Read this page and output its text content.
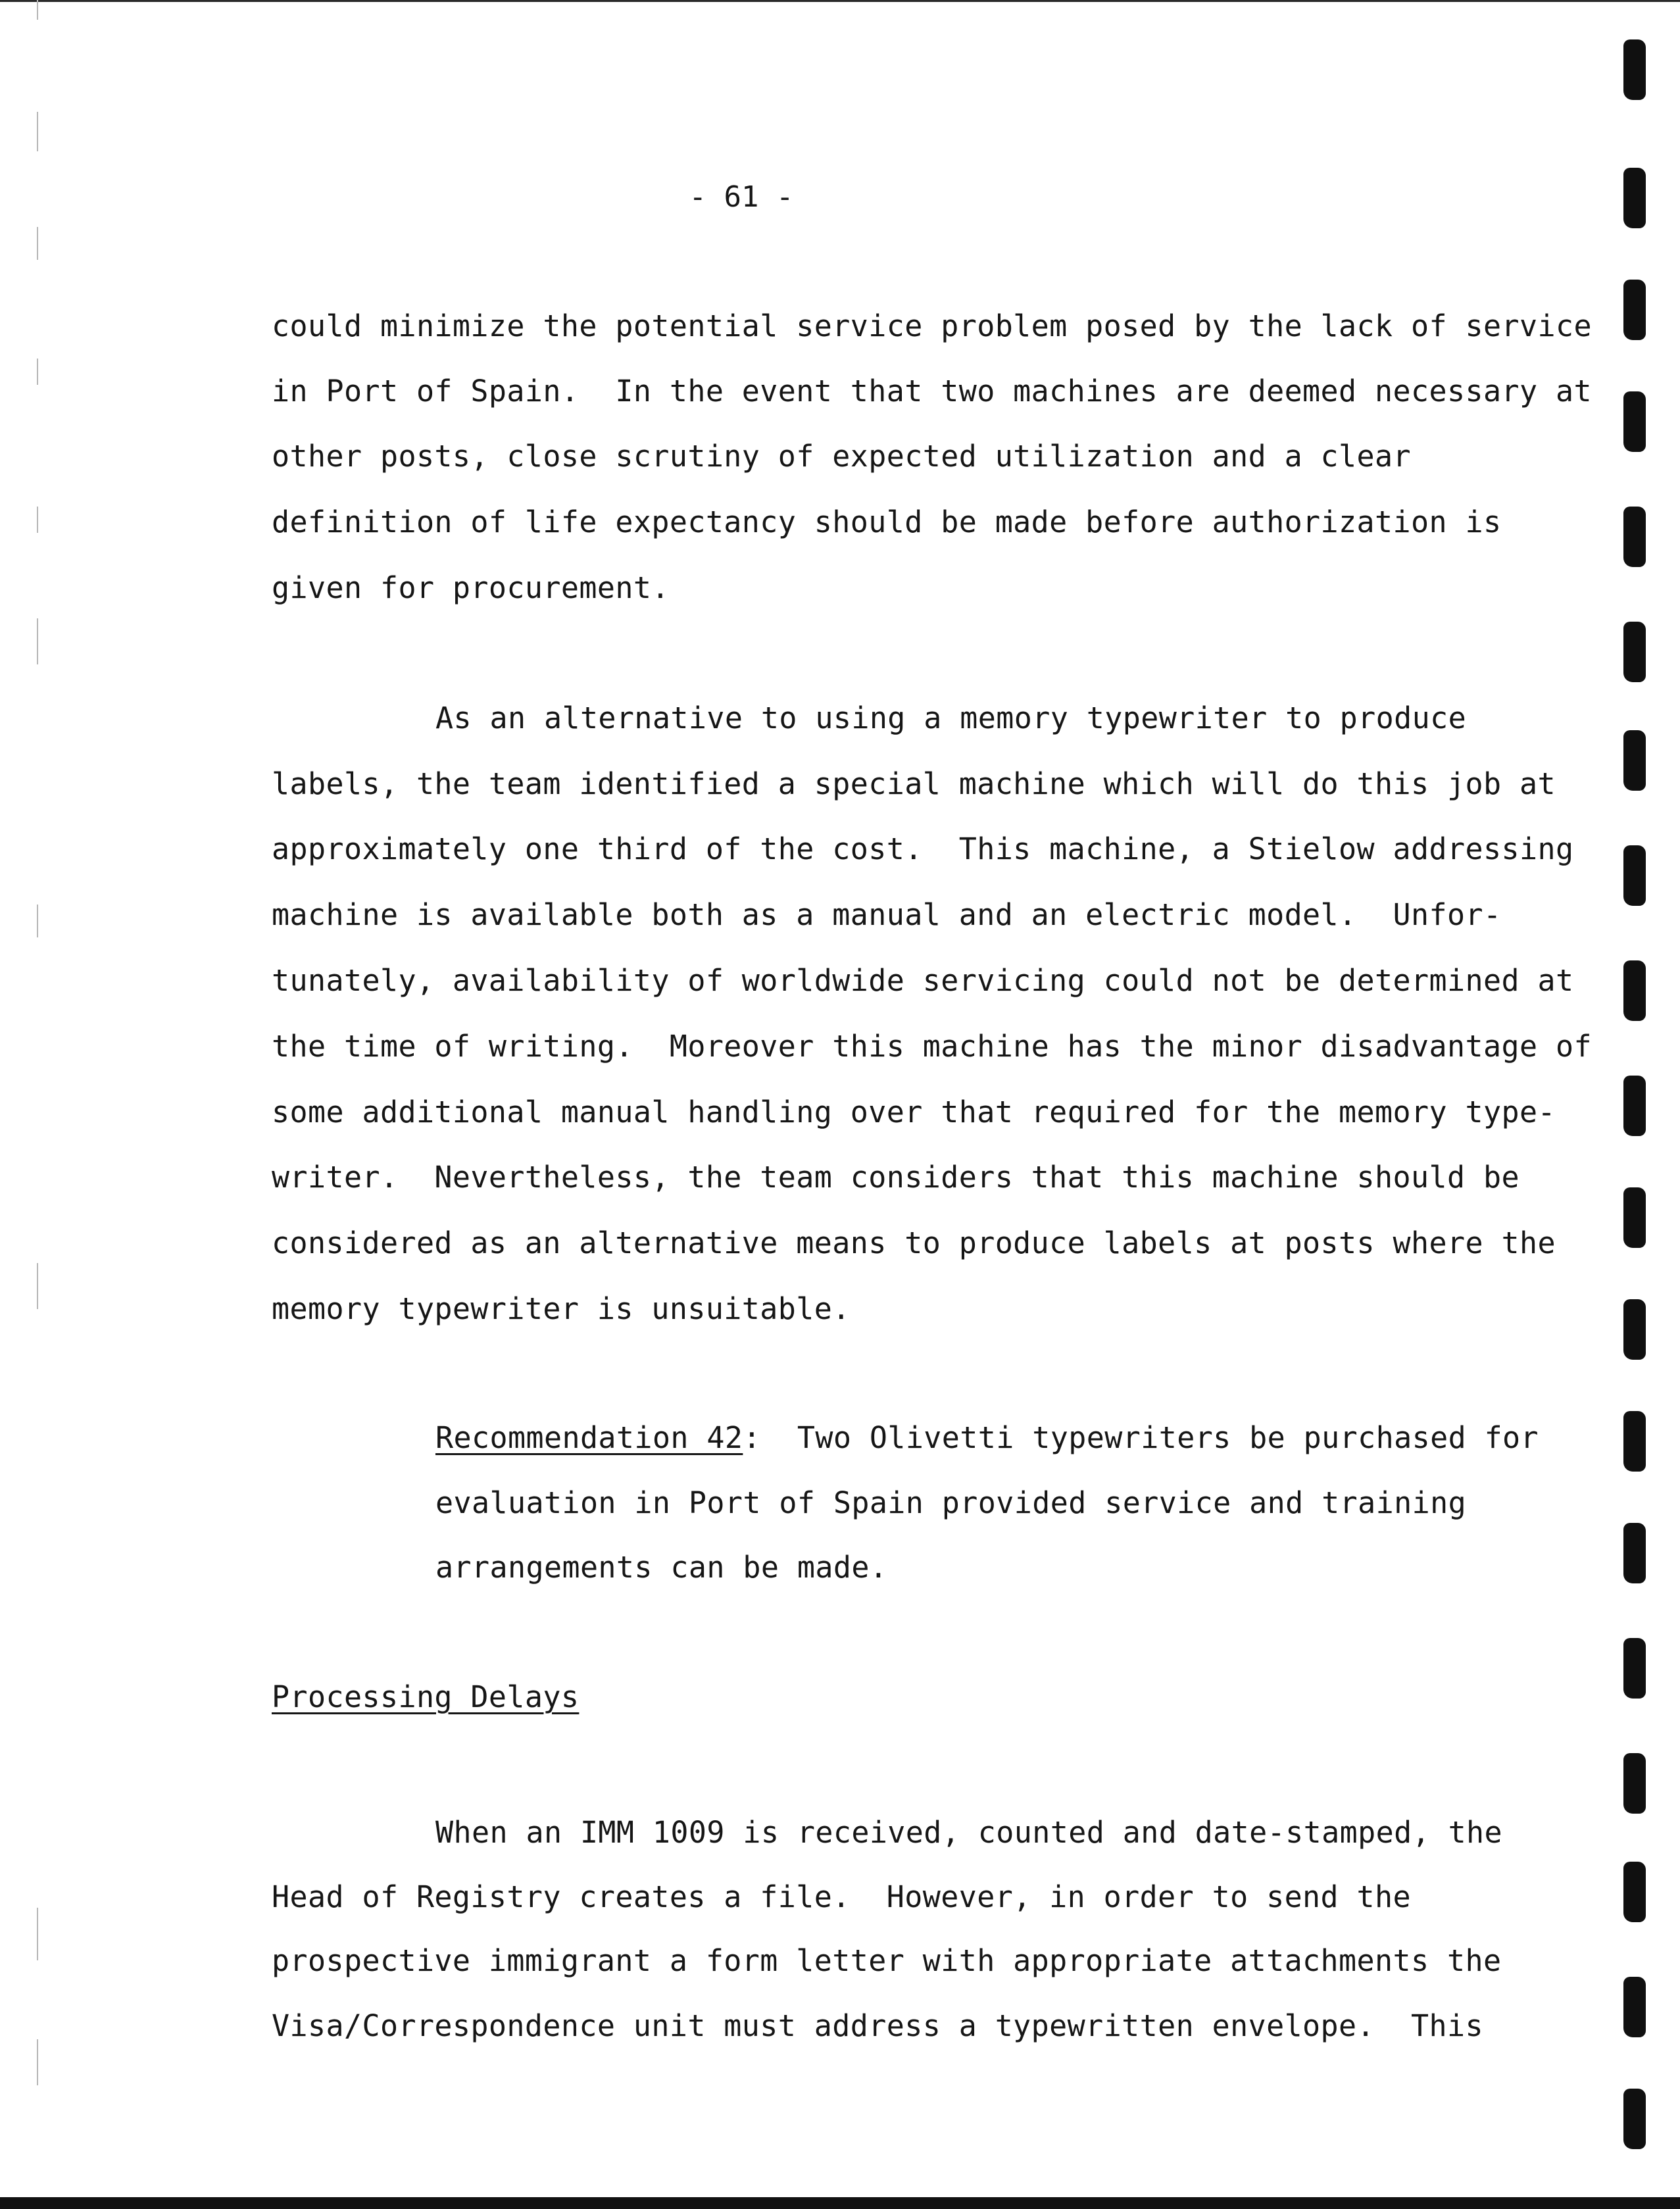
- 61 -
could minimize the potential service problem posed by the lack of service
in Port of Spain.  In the event that two machines are deemed necessary at
other posts, close scrutiny of expected utilization and a clear
definition of life expectancy should be made before authorization is
given for procurement.
As an alternative to using a memory typewriter to produce
labels, the team identified a special machine which will do this job at
approximately one third of the cost.  This machine, a Stielow addressing
machine is available both as a manual and an electric model.  Unfor-
tunately, availability of worldwide servicing could not be determined at
the time of writing.  Moreover this machine has the minor disadvantage of
some additional manual handling over that required for the memory type-
writer.  Nevertheless, the team considers that this machine should be
considered as an alternative means to produce labels at posts where the
memory typewriter is unsuitable.
Recommendation 42:  Two Olivetti typewriters be purchased for
evaluation in Port of Spain provided service and training
arrangements can be made.
Processing Delays
When an IMM 1009 is received, counted and date-stamped, the
Head of Registry creates a file.  However, in order to send the
prospective immigrant a form letter with appropriate attachments the
Visa/Correspondence unit must address a typewritten envelope.  This
